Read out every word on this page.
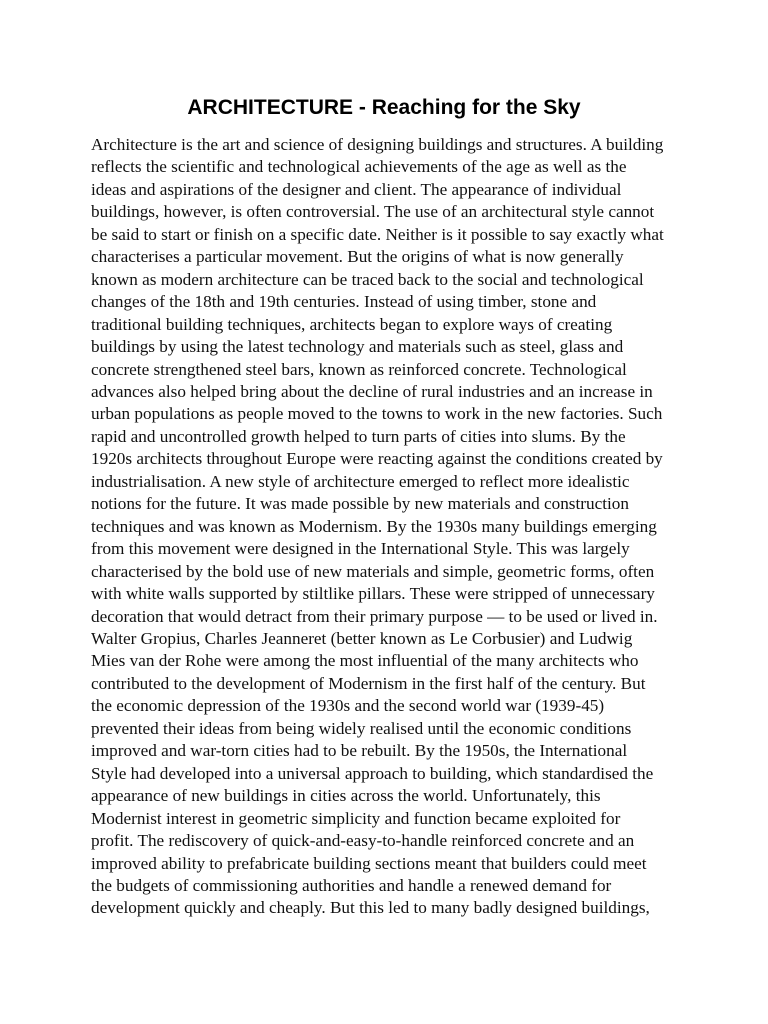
ARCHITECTURE - Reaching for the Sky
Architecture is the art and science of designing buildings and structures. A building
reflects the scientific and technological achievements of the age as well as the
ideas and aspirations of the designer and client. The appearance of individual
buildings, however, is often controversial. The use of an architectural style cannot
be said to start or finish on a specific date. Neither is it possible to say exactly what
characterises a particular movement. But the origins of what is now generally
known as modern architecture can be traced back to the social and technological
changes of the 18th and 19th centuries. Instead of using timber, stone and
traditional building techniques, architects began to explore ways of creating
buildings by using the latest technology and materials such as steel, glass and
concrete strengthened steel bars, known as reinforced concrete. Technological
advances also helped bring about the decline of rural industries and an increase in
urban populations as people moved to the towns to work in the new factories. Such
rapid and uncontrolled growth helped to turn parts of cities into slums. By the
1920s architects throughout Europe were reacting against the conditions created by
industrialisation. A new style of architecture emerged to reflect more idealistic
notions for the future. It was made possible by new materials and construction
techniques and was known as Modernism. By the 1930s many buildings emerging
from this movement were designed in the International Style. This was largely
characterised by the bold use of new materials and simple, geometric forms, often
with white walls supported by stiltlike pillars. These were stripped of unnecessary
decoration that would detract from their primary purpose — to be used or lived in.
Walter Gropius, Charles Jeanneret (better known as Le Corbusier) and Ludwig
Mies van der Rohe were among the most influential of the many architects who
contributed to the development of Modernism in the first half of the century. But
the economic depression of the 1930s and the second world war (1939-45)
prevented their ideas from being widely realised until the economic conditions
improved and war-torn cities had to be rebuilt. By the 1950s, the International
Style had developed into a universal approach to building, which standardised the
appearance of new buildings in cities across the world. Unfortunately, this
Modernist interest in geometric simplicity and function became exploited for
profit. The rediscovery of quick-and-easy-to-handle reinforced concrete and an
improved ability to prefabricate building sections meant that builders could meet
the budgets of commissioning authorities and handle a renewed demand for
development quickly and cheaply. But this led to many badly designed buildings,
